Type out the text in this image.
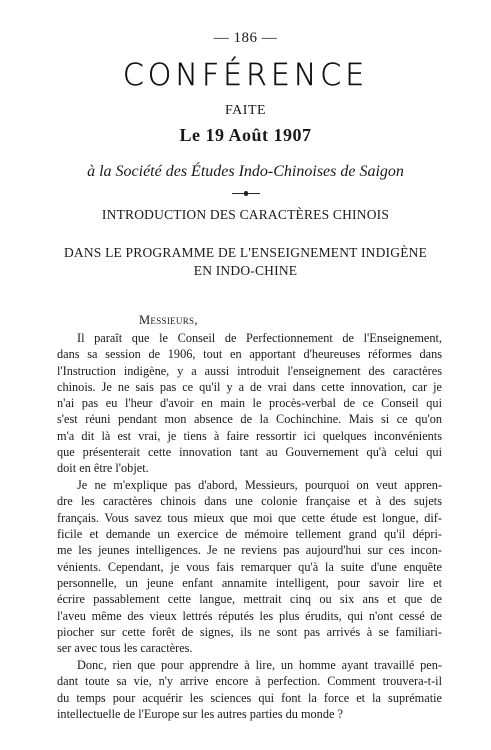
— 186 —
CONFÉRENCE
FAITE
Le 19 Août 1907
à la Société des Études Indo-Chinoises de Saigon
INTRODUCTION DES CARACTÈRES CHINOIS
DANS LE PROGRAMME DE L'ENSEIGNEMENT INDIGÈNE
EN INDO-CHINE
Messieurs,
Il paraît que le Conseil de Perfectionnement de l'Enseignement,
dans sa session de 1906, tout en apportant d'heureuses réformes dans
l'Instruction indigène, y a aussi introduit l'enseignement des caractères
chinois. Je ne sais pas ce qu'il y a de vrai dans cette innovation, car je
n'ai pas eu l'heur d'avoir en main le procès-verbal de ce Conseil qui
s'est réuni pendant mon absence de la Cochinchine. Mais si ce qu'on
m'a dit là est vrai, je tiens à faire ressortir ici quelques inconvénients
que présenterait cette innovation tant au Gouvernement qu'à celui qui
doit en être l'objet.
Je ne m'explique pas d'abord, Messieurs, pourquoi on veut appren-
dre les caractères chinois dans une colonie française et à des sujets
français. Vous savez tous mieux que moi que cette étude est longue, dif-
ficile et demande un exercice de mémoire tellement grand qu'il dépri-
me les jeunes intelligences. Je ne reviens pas aujourd'hui sur ces incon-
vénients. Cependant, je vous fais remarquer qu'à la suite d'une enquête
personnelle, un jeune enfant annamite intelligent, pour savoir lire et
écrire passablement cette langue, mettrait cinq ou six ans et que de
l'aveu même des vieux lettrés réputés les plus érudits, qui n'ont cessé de
piocher sur cette forêt de signes, ils ne sont pas arrivés à se familiari-
ser avec tous les caractères.
Donc, rien que pour apprendre à lire, un homme ayant travaillé pen-
dant toute sa vie, n'y arrive encore à perfection. Comment trouvera-t-il
du temps pour acquérir les sciences qui font la force et la suprématie
intellectuelle de l'Europe sur les autres parties du monde ?
